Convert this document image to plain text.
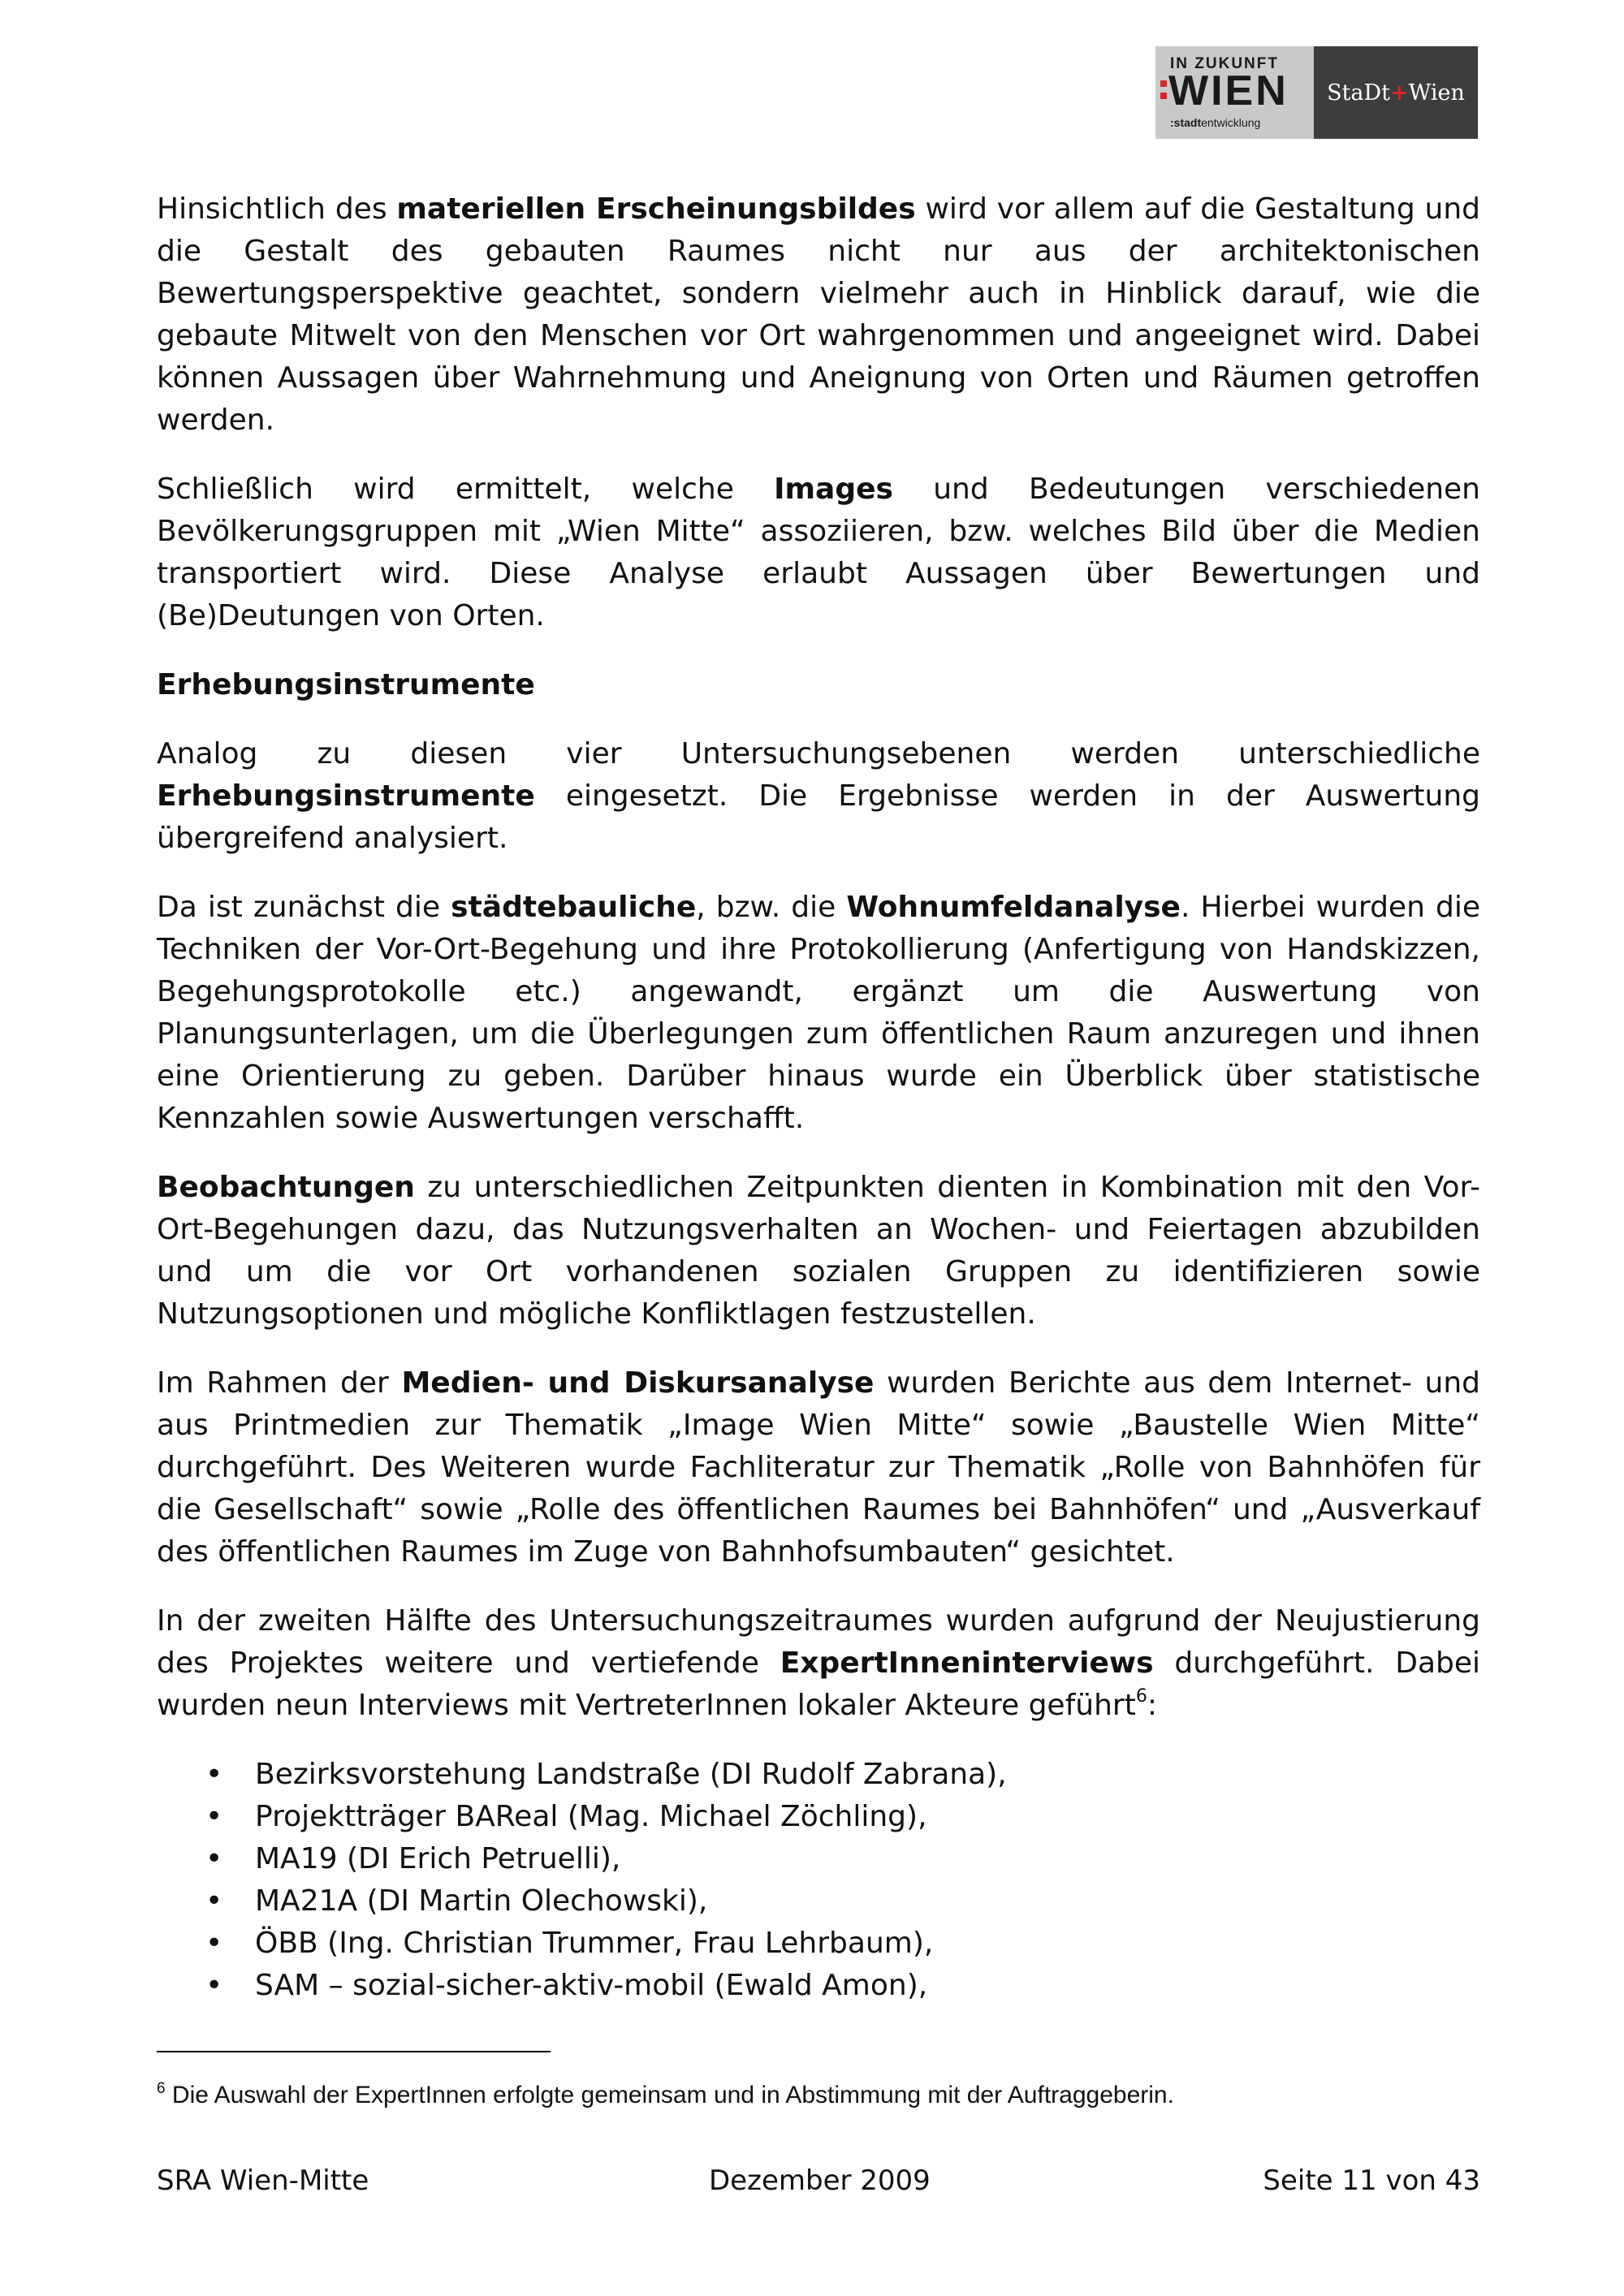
IN ZUKUNFT
WIEN
:stadtentwicklung
StaDt + Wien

Hinsichtlich des materiellen Erscheinungsbildes wird vor allem auf die Gestaltung und die Gestalt des gebauten Raumes nicht nur aus der architektonischen Bewertungsperspektive geachtet, sondern vielmehr auch in Hinblick darauf, wie die gebaute Mitwelt von den Menschen vor Ort wahrgenommen und angeeignet wird. Dabei können Aussagen über Wahrnehmung und Aneignung von Orten und Räumen getroffen werden.

Schließlich wird ermittelt, welche Images und Bedeutungen verschiedenen Bevölkerungsgruppen mit „Wien Mitte“ assoziieren, bzw. welches Bild über die Medien transportiert wird. Diese Analyse erlaubt Aussagen über Bewertungen und (Be)Deutungen von Orten.

Erhebungsinstrumente

Analog zu diesen vier Untersuchungsebenen werden unterschiedliche Erhebungsinstrumente eingesetzt. Die Ergebnisse werden in der Auswertung übergreifend analysiert.

Da ist zunächst die städtebauliche, bzw. die Wohnumfeldanalyse. Hierbei wurden die Techniken der Vor-Ort-Begehung und ihre Protokollierung (Anfertigung von Handskizzen, Begehungsprotokolle etc.) angewandt, ergänzt um die Auswertung von Planungsunterlagen, um die Überlegungen zum öffentlichen Raum anzuregen und ihnen eine Orientierung zu geben. Darüber hinaus wurde ein Überblick über statistische Kennzahlen sowie Auswertungen verschafft.

Beobachtungen zu unterschiedlichen Zeitpunkten dienten in Kombination mit den Vor-Ort-Begehungen dazu, das Nutzungsverhalten an Wochen- und Feiertagen abzubilden und um die vor Ort vorhandenen sozialen Gruppen zu identifizieren sowie Nutzungsoptionen und mögliche Konfliktlagen festzustellen.

Im Rahmen der Medien- und Diskursanalyse wurden Berichte aus dem Internet- und aus Printmedien zur Thematik „Image Wien Mitte“ sowie „Baustelle Wien Mitte“ durchgeführt. Des Weiteren wurde Fachliteratur zur Thematik „Rolle von Bahnhöfen für die Gesellschaft“ sowie „Rolle des öffentlichen Raumes bei Bahnhöfen“ und „Ausverkauf des öffentlichen Raumes im Zuge von Bahnhofsumbauten“ gesichtet.

In der zweiten Hälfte des Untersuchungszeitraumes wurden aufgrund der Neujustierung des Projektes weitere und vertiefende ExpertInneninterviews durchgeführt. Dabei wurden neun Interviews mit VertreterInnen lokaler Akteure geführt$^6$:

• Bezirksvorstehung Landstraße (DI Rudolf Zabrana),
• Projektträger BAReal (Mag. Michael Zöchling),
• MA19 (DI Erich Petruelli),
• MA21A (DI Martin Olechowski),
• ÖBB (Ing. Christian Trummer, Frau Lehrbaum),
• SAM – sozial-sicher-aktiv-mobil (Ewald Amon),
$^6$ Die Auswahl der ExpertInnen erfolgte gemeinsam und in Abstimmung mit der Auftraggeberin.
SRA Wien-Mitte	Dezember 2009	Seite 11 von 43
